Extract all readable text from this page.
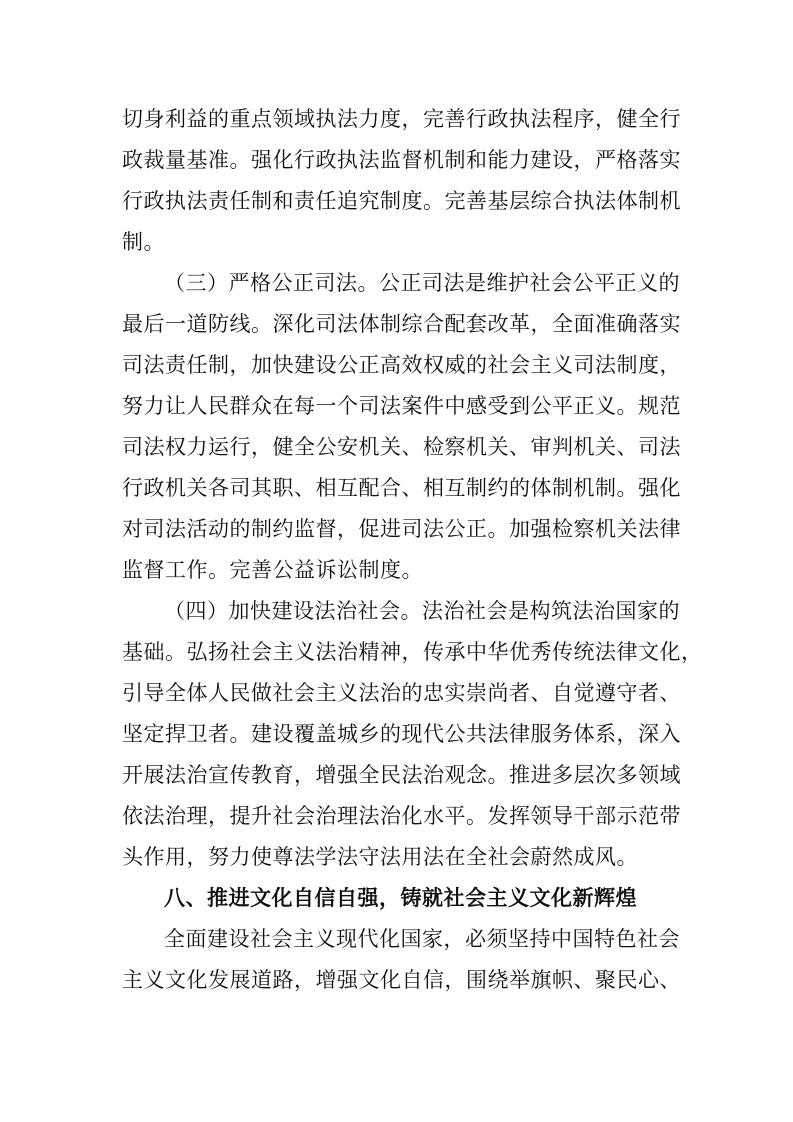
切身利益的重点领域执法力度，完善行政执法程序，健全行
政裁量基准。强化行政执法监督机制和能力建设，严格落实
行政执法责任制和责任追究制度。完善基层综合执法体制机
制。
（三）严格公正司法。公正司法是维护社会公平正义的
最后一道防线。深化司法体制综合配套改革，全面准确落实
司法责任制，加快建设公正高效权威的社会主义司法制度，
努力让人民群众在每一个司法案件中感受到公平正义。规范
司法权力运行，健全公安机关、检察机关、审判机关、司法
行政机关各司其职、相互配合、相互制约的体制机制。强化
对司法活动的制约监督，促进司法公正。加强检察机关法律
监督工作。完善公益诉讼制度。
（四）加快建设法治社会。法治社会是构筑法治国家的
基础。弘扬社会主义法治精神，传承中华优秀传统法律文化，
引导全体人民做社会主义法治的忠实崇尚者、自觉遵守者、
坚定捍卫者。建设覆盖城乡的现代公共法律服务体系，深入
开展法治宣传教育，增强全民法治观念。推进多层次多领域
依法治理，提升社会治理法治化水平。发挥领导干部示范带
头作用，努力使尊法学法守法用法在全社会蔚然成风。
八、推进文化自信自强，铸就社会主义文化新辉煌
全面建设社会主义现代化国家，必须坚持中国特色社会
主义文化发展道路，增强文化自信，围绕举旗帜、聚民心、
